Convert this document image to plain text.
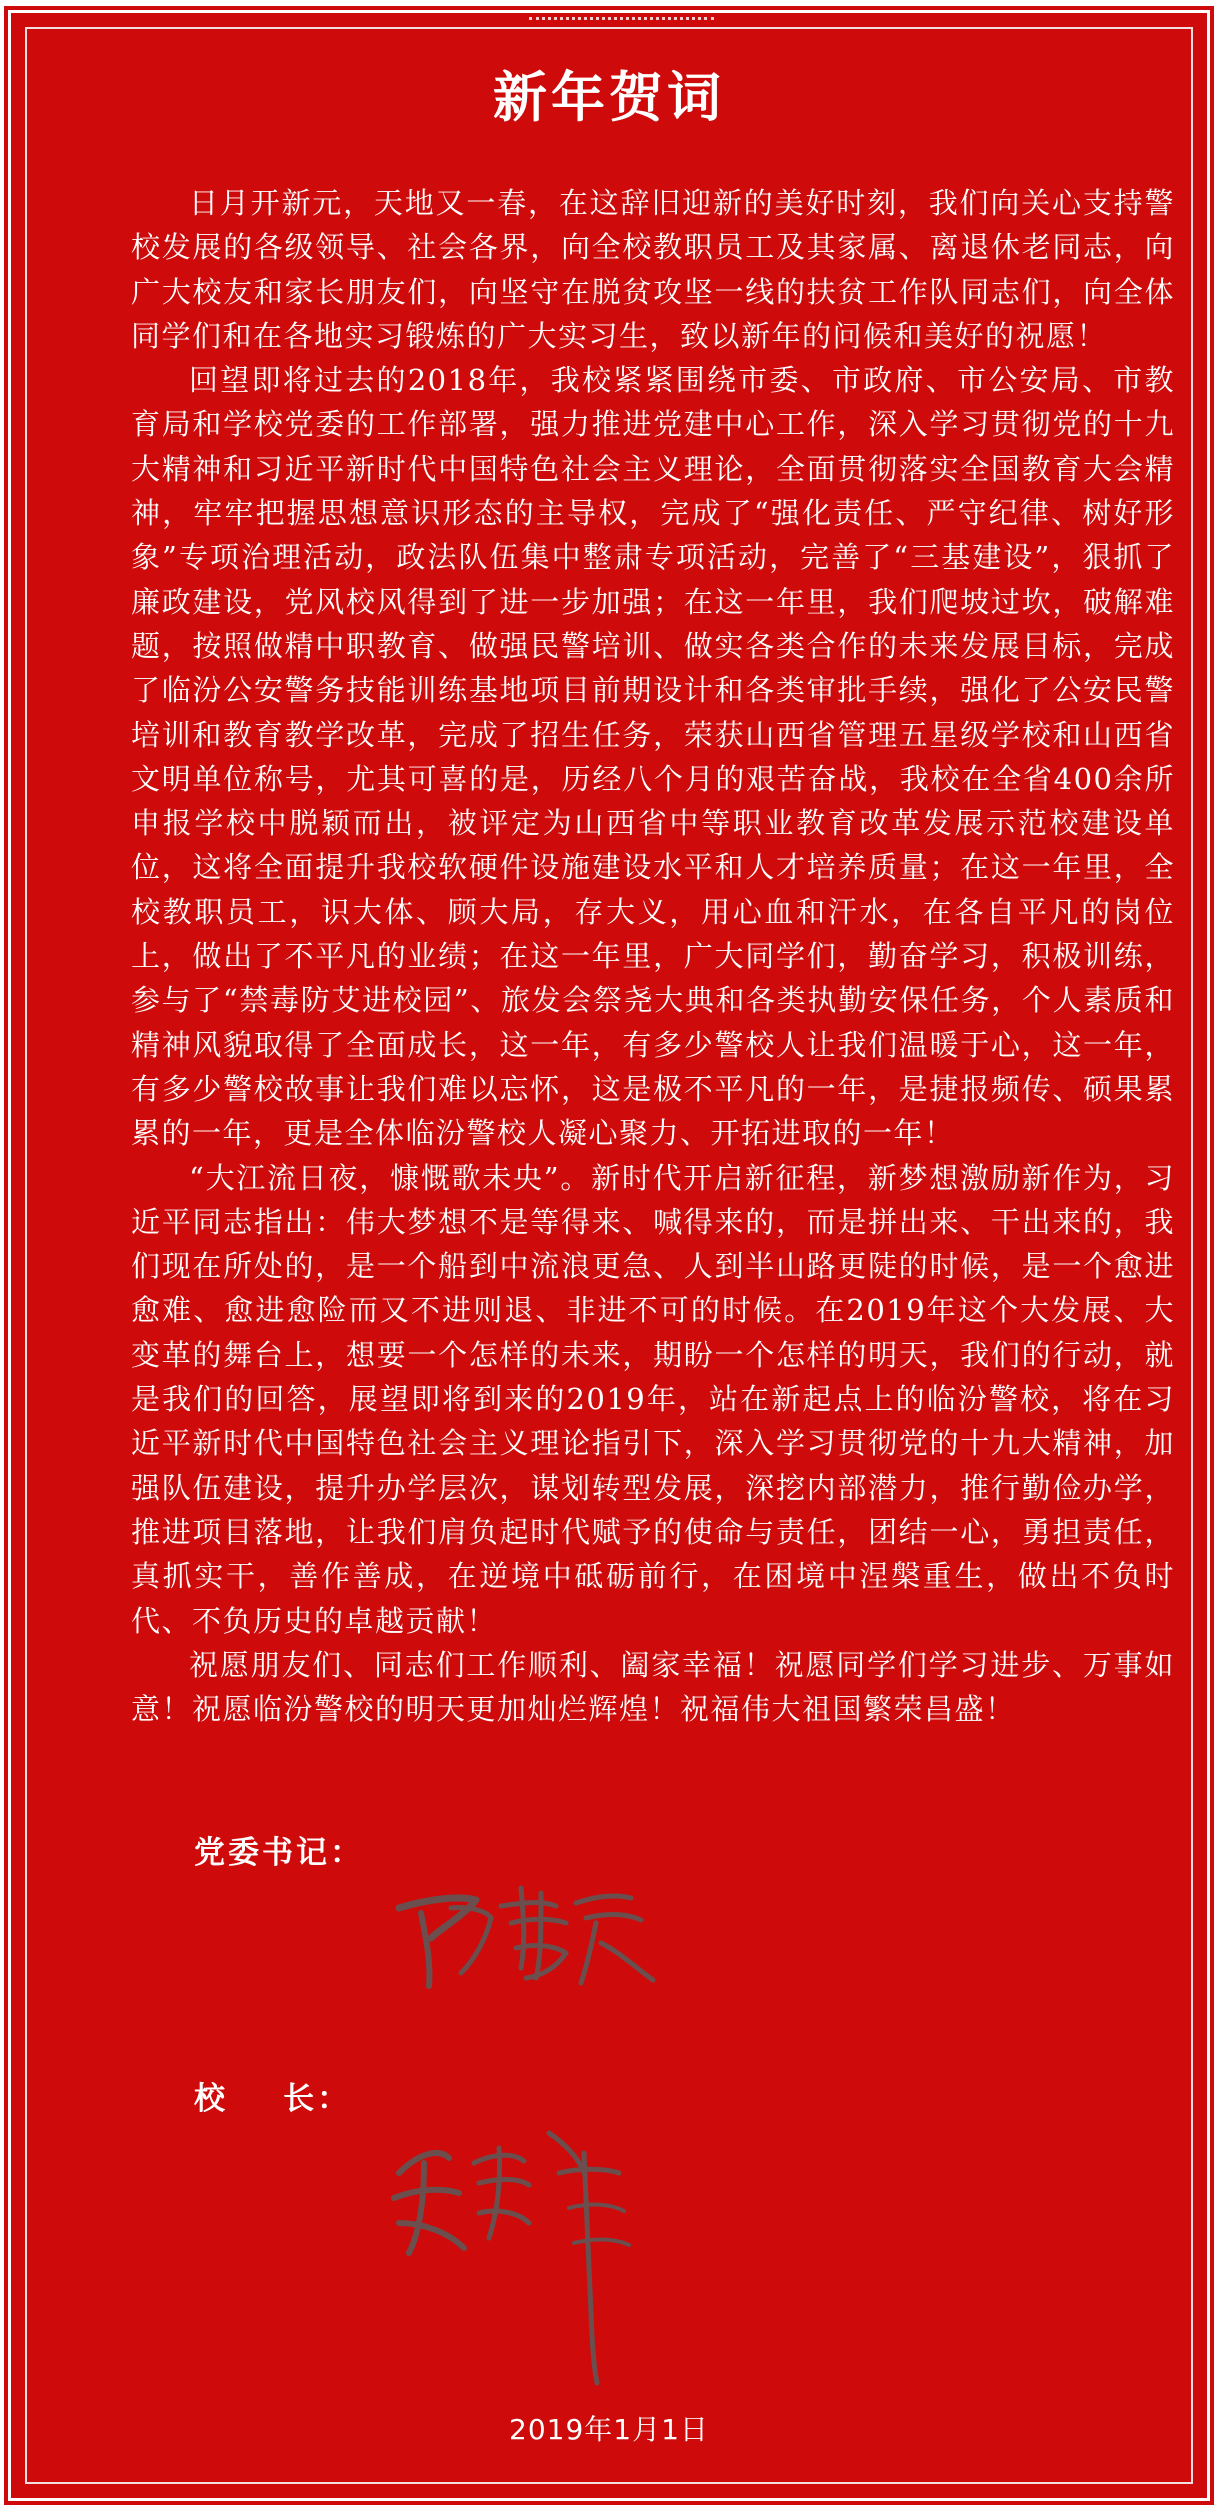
新年贺词

日月开新元，天地又一春，在这辞旧迎新的美好时刻，我们向关心支持警校发展的各级领导、社会各界，向全校教职员工及其家属、离退休老同志，向广大校友和家长朋友们，向坚守在脱贫攻坚一线的扶贫工作队同志们，向全体同学们和在各地实习锻炼的广大实习生，致以新年的问候和美好的祝愿！

回望即将过去的2018年，我校紧紧围绕市委、市政府、市公安局、市教育局和学校党委的工作部署，强力推进党建中心工作，深入学习贯彻党的十九大精神和习近平新时代中国特色社会主义理论，全面贯彻落实全国教育大会精神，牢牢把握思想意识形态的主导权，完成了“强化责任、严守纪律、树好形象”专项治理活动，政法队伍集中整肃专项活动，完善了“三基建设”，狠抓了廉政建设，党风校风得到了进一步加强；在这一年里，我们爬坡过坎，破解难题，按照做精中职教育、做强民警培训、做实各类合作的未来发展目标，完成了临汾公安警务技能训练基地项目前期设计和各类审批手续，强化了公安民警培训和教育教学改革，完成了招生任务，荣获山西省管理五星级学校和山西省文明单位称号，尤其可喜的是，历经八个月的艰苦奋战，我校在全省400余所申报学校中脱颖而出，被评定为山西省中等职业教育改革发展示范校建设单位，这将全面提升我校软硬件设施建设水平和人才培养质量；在这一年里，全校教职员工，识大体、顾大局，存大义，用心血和汗水，在各自平凡的岗位上，做出了不平凡的业绩；在这一年里，广大同学们，勤奋学习，积极训练，参与了“禁毒防艾进校园”、旅发会祭尧大典和各类执勤安保任务，个人素质和精神风貌取得了全面成长，这一年，有多少警校人让我们温暖于心，这一年，有多少警校故事让我们难以忘怀，这是极不平凡的一年，是捷报频传、硕果累累的一年，更是全体临汾警校人凝心聚力、开拓进取的一年！

“大江流日夜，慷慨歌未央”。新时代开启新征程，新梦想激励新作为，习近平同志指出：伟大梦想不是等得来、喊得来的，而是拼出来、干出来的，我们现在所处的，是一个船到中流浪更急、人到半山路更陡的时候，是一个愈进愈难、愈进愈险而又不进则退、非进不可的时候。在2019年这个大发展、大变革的舞台上，想要一个怎样的未来，期盼一个怎样的明天，我们的行动，就是我们的回答，展望即将到来的2019年，站在新起点上的临汾警校，将在习近平新时代中国特色社会主义理论指引下，深入学习贯彻党的十九大精神，加强队伍建设，提升办学层次，谋划转型发展，深挖内部潜力，推行勤俭办学，推进项目落地，让我们肩负起时代赋予的使命与责任，团结一心，勇担责任，真抓实干，善作善成，在逆境中砥砺前行，在困境中涅槃重生，做出不负时代、不负历史的卓越贡献！

祝愿朋友们、同志们工作顺利、阖家幸福！祝愿同学们学习进步、万事如意！祝愿临汾警校的明天更加灿烂辉煌！祝福伟大祖国繁荣昌盛！

党委书记：
校    长：
2019年1月1日
